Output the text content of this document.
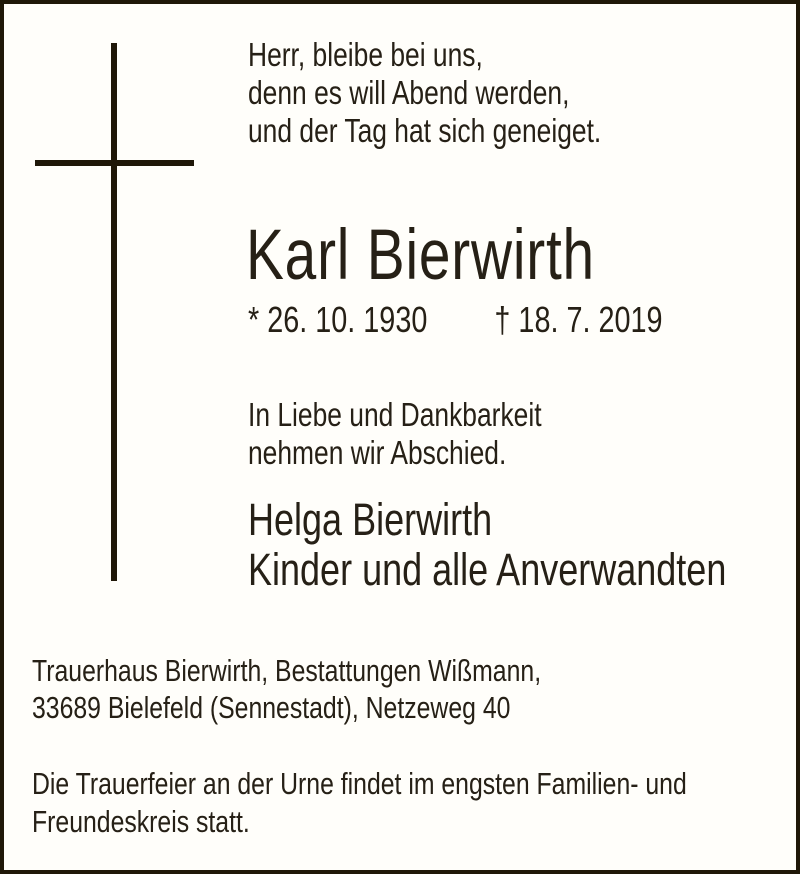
Herr, bleibe bei uns,
denn es will Abend werden,
und der Tag hat sich geneiget.
Karl Bierwirth
* 26. 10. 1930 † 18. 7. 2019
In Liebe und Dankbarkeit
nehmen wir Abschied.
Helga Bierwirth
Kinder und alle Anverwandten
Trauerhaus Bierwirth, Bestattungen Wißmann,
33689 Bielefeld (Sennestadt), Netzeweg 40
Die Trauerfeier an der Urne findet im engsten Familien- und
Freundeskreis statt.
